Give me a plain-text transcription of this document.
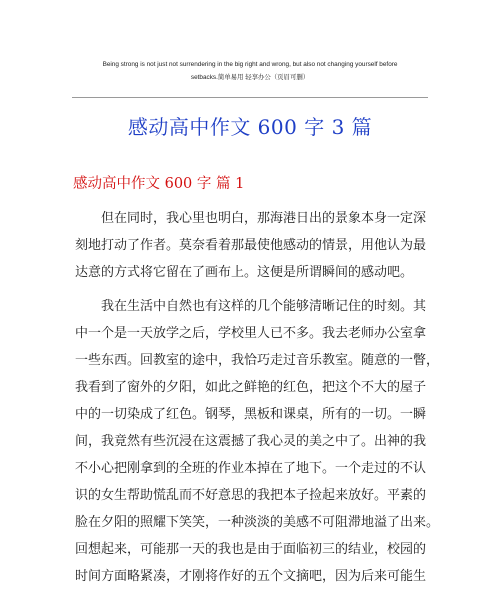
Being strong is not just not surrendering in the big right and wrong, but also not changing yourself before
setbacks.简单易用 轻享办公（页眉可删）
感动高中作文 600 字 3 篇
感动高中作文 600 字 篇 1
但在同时，我心里也明白，那海港日出的景象本身一定深
刻地打动了作者。莫奈看着那最使他感动的情景，用他认为最
达意的方式将它留在了画布上。这便是所谓瞬间的感动吧。
我在生活中自然也有这样的几个能够清晰记住的时刻。其
中一个是一天放学之后，学校里人已不多。我去老师办公室拿
一些东西。回教室的途中，我恰巧走过音乐教室。随意的一瞥，
我看到了窗外的夕阳，如此之鲜艳的红色，把这个不大的屋子
中的一切染成了红色。钢琴，黑板和课桌，所有的一切。一瞬
间，我竟然有些沉浸在这震撼了我心灵的美之中了。出神的我
不小心把刚拿到的全班的作业本掉在了地下。一个走过的不认
识的女生帮助慌乱而不好意思的我把本子捡起来放好。平素的
脸在夕阳的照耀下笑笑，一种淡淡的美感不可阻滞地溢了出来。
回想起来，可能那一天的我也是由于面临初三的结业，校园的
时间方面略紧凑，才刚将作好的五个文摘吧，因为后来可能生
